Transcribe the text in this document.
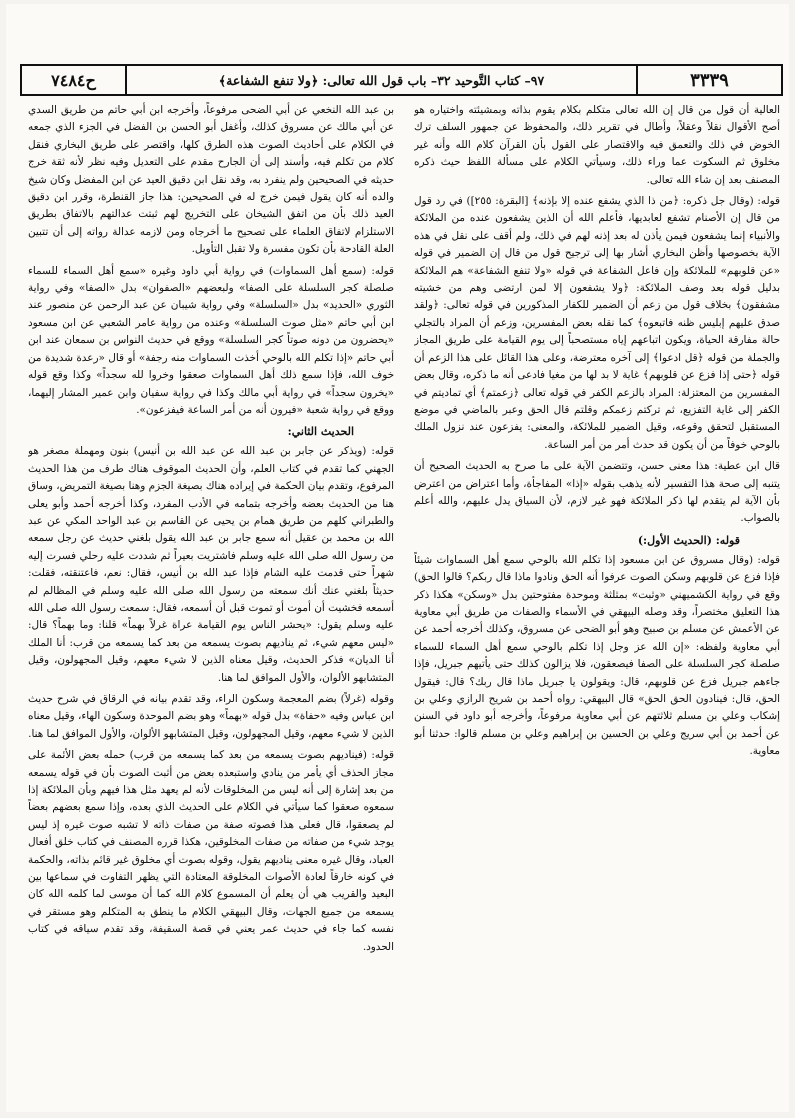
ح٧٤٨٤	٩٧– كتاب التَّوحيد ٣٢– باب قول الله تعالى: ﴿ولا تنفع الشفاعة﴾	٣٣٣٩

العالية أن قول من قال إن الله تعالى متكلم بكلام يقوم بذاته وبمشيئته واختياره هو أصح الأقوال نقلاً وعقلاً، وأطال في تقرير ذلك، والمحفوظ عن جمهور السلف ترك الخوض في ذلك والتعمق فيه والاقتصار على القول بأن القرآن كلام الله وأنه غير مخلوق ثم السكوت عما وراء ذلك، وسيأتي الكلام على مسألة اللفظ حيث ذكره المصنف بعد إن شاء الله تعالى.

قوله: (وقال جل ذكره: ﴿من ذا الذي يشفع عنده إلا بإذنه﴾ [البقرة: ٢٥٥]) في رد قول من قال إن الأصنام تشفع لعابديها، فأعلم الله أن الذين يشفعون عنده من الملائكة والأنبياء إنما يشفعون فيمن يأذن له بعد إذنه لهم في ذلك، ولم أقف على نقل في هذه الآية بخصوصها وأظن البخاري أشار بها إلى ترجيح قول من قال إن الضمير في قوله «عن قلوبهم» للملائكة وإن فاعل الشفاعة في قوله «ولا تنفع الشفاعة» هم الملائكة بدليل قوله بعد وصف الملائكة: ﴿ولا يشفعون إلا لمن ارتضى وهم من خشيته مشفقون﴾ بخلاف قول من زعم أن الضمير للكفار المذكورين في قوله تعالى: ﴿ولقد صدق عليهم إبليس ظنه فاتبعوه﴾ كما نقله بعض المفسرين، وزعم أن المراد بالتجلي حالة مفارقة الحياة، ويكون اتباعهم إياه مستصحباً إلى يوم القيامة على طريق المجاز والجملة من قوله ﴿قل ادعوا﴾ إلى آخره معترضة، وعلى هذا القائل على هذا الزعم أن قوله ﴿حتى إذا فزع عن قلوبهم﴾ غاية لا بد لها من مغيا فادعى أنه ما ذكره، وقال بعض المفسرين من المعتزلة: المراد بالزعم الكفر في قوله تعالى ﴿زعمتم﴾ أي تماديتم في الكفر إلى غاية التفزيع، ثم تركتم زعمكم وقلتم قال الحق وعبر بالماضي في موضع المستقبل لتحقق وقوعه، وقيل الضمير للملائكة، والمعنى: يفزعون عند نزول الملك بالوحي خوفاً من أن يكون قد حدث أمر من أمر الساعة.

قال ابن عطية: هذا معنى حسن، وتتضمن الآية على ما صرح به الحديث الصحيح أن يتنبه إلى صحة هذا التفسير لأنه يذهب بقوله «إذا» المفاجأة، وأما اعتراض من اعترض بأن الآية لم يتقدم لها ذكر الملائكة فهو غير لازم، لأن السياق يدل عليهم، والله أعلم بالصواب.

قوله: (الحديث الأول:)

قوله: (وقال مسروق عن ابن مسعود إذا تكلم الله بالوحي سمع أهل السماوات شيئاً فإذا فزع عن قلوبهم وسكن الصوت عرفوا أنه الحق ونادوا ماذا قال ربكم؟ قالوا الحق) وقع في رواية الكشميهني «وثبت» بمثلثة وموحدة مفتوحتين بدل «وسكن» هكذا ذكر هذا التعليق مختصراً، وقد وصله البيهقي في الأسماء والصفات من طريق أبي معاوية عن الأعمش عن مسلم بن صبيح وهو أبو الضحى عن مسروق، وكذلك أخرجه أحمد عن أبي معاوية ولفظه: «إن الله عز وجل إذا تكلم بالوحي سمع أهل السماء للسماء صلصلة كجر السلسلة على الصفا فيصعقون، فلا يزالون كذلك حتى يأتيهم جبريل، فإذا جاءهم جبريل فزع عن قلوبهم، قال: ويقولون يا جبريل ماذا قال ربك؟ قال: فيقول الحق، قال: فينادون الحق الحق» قال البيهقي: رواه أحمد بن شريح الرازي وعلي بن إشكاب وعلي بن مسلم ثلاثتهم عن أبي معاوية مرفوعاً، وأخرجه أبو داود في السنن عن أحمد بن أبي سريج وعلي بن الحسين بن إبراهيم وعلي بن مسلم قالوا: حدثنا أبو معاوية.

بن عبد الله النخعي عن أبي الضحى مرفوعاً، وأخرجه ابن أبي حاتم من طريق السدي عن أبي مالك عن مسروق كذلك، وأغفل أبو الحسن بن الفضل في الجزء الذي جمعه في الكلام على أحاديث الصوت هذه الطرق كلها، واقتصر على طريق البخاري فنقل كلام من تكلم فيه، وأسند إلى أن الجارح مقدم على التعديل وفيه نظر لأنه ثقة خرج حديثه في الصحيحين ولم ينفرد به، وقد نقل ابن دقيق العيد عن ابن المفضل وكان شيخ والده أنه كان يقول فيمن خرج له في الصحيحين: هذا جاز القنطرة، وقرر ابن دقيق العيد ذلك بأن من اتفق الشيخان على التخريج لهم ثبتت عدالتهم بالاتفاق بطريق الاستلزام لاتفاق العلماء على تصحيح ما أخرجاه ومن لازمه عدالة رواته إلى أن تتبين العلة القادحة بأن تكون مفسرة ولا تقبل التأويل.

قوله: (سمع أهل السماوات) في رواية أبي داود وغيره «سمع أهل السماء للسماء صلصلة كجر السلسلة على الصفا» ولبعضهم «الصفوان» بدل «الصفا» وفي رواية الثوري «الحديد» بدل «السلسلة» وفي رواية شيبان عن عبد الرحمن عن منصور عند ابن أبي حاتم «مثل صوت السلسلة» وعنده من رواية عامر الشعبي عن ابن مسعود «يحضرون من دونه صوتاً كجر السلسلة» ووقع في حديث النواس بن سمعان عند ابن أبي حاتم «إذا تكلم الله بالوحي أخذت السماوات منه رجفة» أو قال «رعدة شديدة من خوف الله، فإذا سمع ذلك أهل السماوات صعقوا وخروا لله سجداً» وكذا وقع قوله «يخرون سجداً» في رواية أبي مالك وكذا في رواية سفيان وابن عمير المشار إليهما، ووقع في رواية شعبة «فيرون أنه من أمر الساعة فيفزعون».

الحديث الثاني:

قوله: (ويذكر عن جابر بن عبد الله عن عبد الله بن أنيس) بنون ومهملة مصغر هو الجهني كما تقدم في كتاب العلم، وأن الحديث الموقوف هناك طرف من هذا الحديث المرفوع، وتقدم بيان الحكمة في إيراده هناك بصيغة الجزم وهنا بصيغة التمريض، وساق هنا من الحديث بعضه وأخرجه بتمامه في الأدب المفرد، وكذا أخرجه أحمد وأبو يعلى والطبراني كلهم من طريق همام بن يحيى عن القاسم بن عبد الواحد المكي عن عبد الله بن محمد بن عقيل أنه سمع جابر بن عبد الله يقول بلغني حديث عن رجل سمعه من رسول الله صلى الله عليه وسلم فاشتريت بعيراً ثم شددت عليه رحلي فسرت إليه شهراً حتى قدمت عليه الشام فإذا عبد الله بن أنيس، فقال: نعم، فاعتنقته، فقلت: حديثاً بلغني عنك أنك سمعته من رسول الله صلى الله عليه وسلم في المظالم لم أسمعه فخشيت أن أموت أو تموت قبل أن أسمعه، فقال: سمعت رسول الله صلى الله عليه وسلم يقول: «يحشر الناس يوم القيامة عراة غرلاً بهماً» قلنا: وما بهماً؟ قال: «ليس معهم شيء، ثم يناديهم بصوت يسمعه من بعد كما يسمعه من قرب: أنا الملك أنا الديان» فذكر الحديث، وقيل معناه الذين لا شيء معهم، وقيل المجهولون، وقيل المتشابهو الألوان، والأول الموافق لما هنا.

وقوله (غرلاً) بضم المعجمة وسكون الراء، وقد تقدم بيانه في الرقاق في شرح حديث ابن عباس وفيه «حفاة» بدل قوله «بهماً» وهو بضم الموحدة وسكون الهاء، وقيل معناه الذين لا شيء معهم، وقيل المجهولون، وقيل المتشابهو الألوان، والأول الموافق لما هنا.

قوله: (فيناديهم بصوت يسمعه من بعد كما يسمعه من قرب) حمله بعض الأئمة على مجاز الحذف أي يأمر من ينادي واستبعده بعض من أثبت الصوت بأن في قوله يسمعه من بعد إشارة إلى أنه ليس من المخلوقات لأنه لم يعهد مثل هذا فيهم وبأن الملائكة إذا سمعوه صعقوا كما سيأتي في الكلام على الحديث الذي بعده، وإذا سمع بعضهم بعضاً لم يصعقوا، قال فعلى هذا فصوته صفة من صفات ذاته لا تشبه صوت غيره إذ ليس يوجد شيء من صفاته من صفات المخلوقين، هكذا قرره المصنف في كتاب خلق أفعال العباد، وقال غيره معنى يناديهم يقول، وقوله بصوت أي مخلوق غير قائم بذاته، والحكمة في كونه خارقاً لعادة الأصوات المخلوقة المعتادة التي يظهر التفاوت في سماعها بين البعيد والقريب هي أن يعلم أن المسموع كلام الله كما أن موسى لما كلمه الله كان يسمعه من جميع الجهات، وقال البيهقي الكلام ما ينطق به المتكلم وهو مستقر في نفسه كما جاء في حديث عمر يعني في قصة السقيفة، وقد تقدم سياقه في كتاب الحدود.
